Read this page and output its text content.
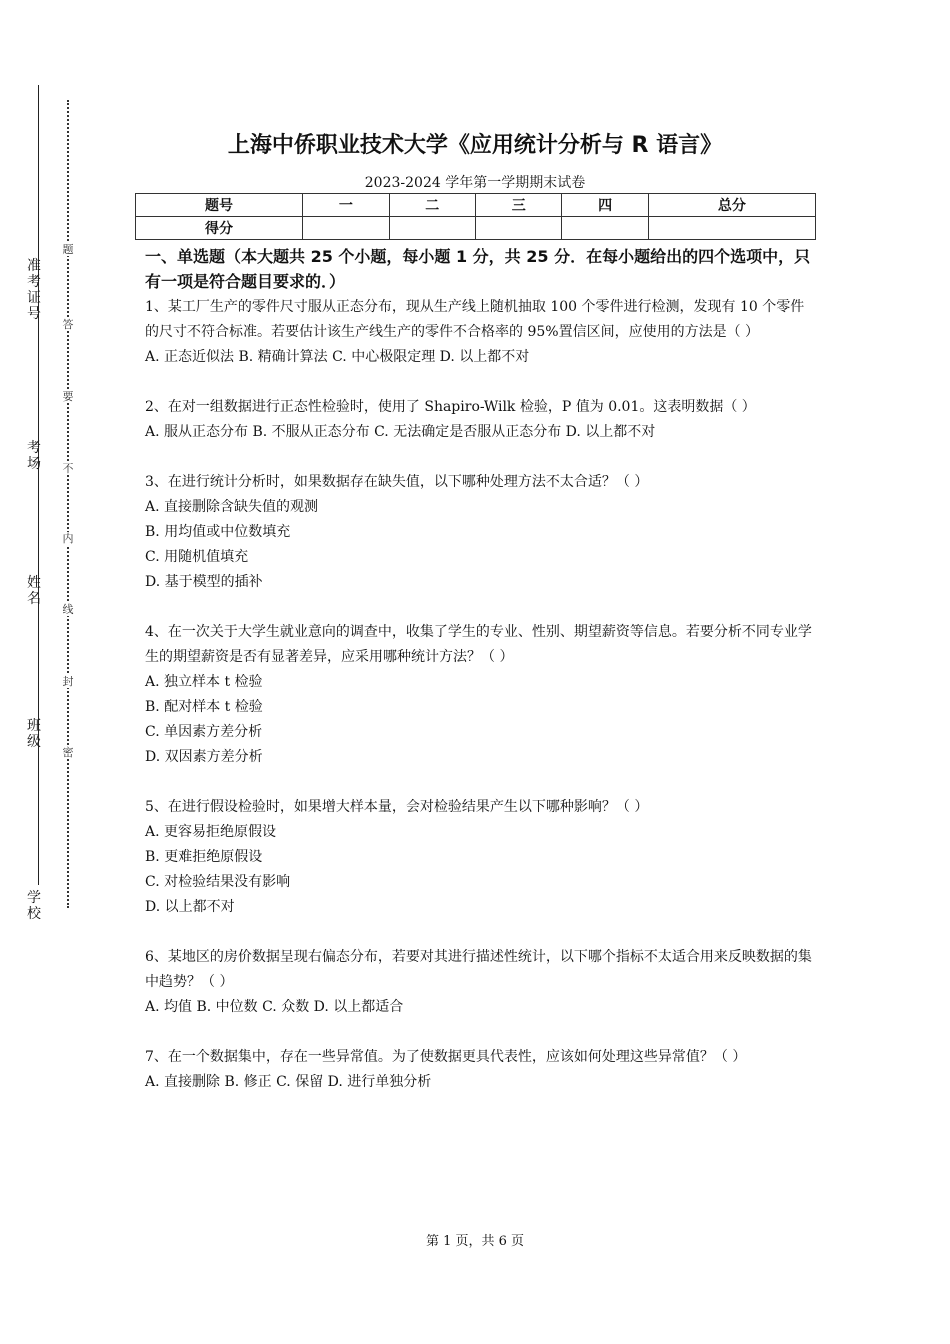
准
考
证
号
考
场
姓
名
班
级
学
校
题
答
要
不
内
线
封
密
上海中侨职业技术大学《应用统计分析与 R 语言》
2023-2024 学年第一学期期末试卷
题号	一	二	三	四	总分
得分					
一、单选题（本大题共 25 个小题，每小题 1 分，共 25 分．在每小题给出的四个选项中，只有一项是符合题目要求的．）
1、某工厂生产的零件尺寸服从正态分布，现从生产线上随机抽取 100 个零件进行检测，发现有 10 个零件的尺寸不符合标准。若要估计该生产线生产的零件不合格率的 95%置信区间，应使用的方法是（ ）
A. 正态近似法 B. 精确计算法 C. 中心极限定理 D. 以上都不对
2、在对一组数据进行正态性检验时，使用了 Shapiro-Wilk 检验，P 值为 0.01。这表明数据（ ）
A. 服从正态分布 B. 不服从正态分布 C. 无法确定是否服从正态分布 D. 以上都不对
3、在进行统计分析时，如果数据存在缺失值，以下哪种处理方法不太合适？（ ）
A. 直接删除含缺失值的观测
B. 用均值或中位数填充
C. 用随机值填充
D. 基于模型的插补
4、在一次关于大学生就业意向的调查中，收集了学生的专业、性别、期望薪资等信息。若要分析不同专业学生的期望薪资是否有显著差异，应采用哪种统计方法？（ ）
A. 独立样本 t 检验
B. 配对样本 t 检验
C. 单因素方差分析
D. 双因素方差分析
5、在进行假设检验时，如果增大样本量，会对检验结果产生以下哪种影响？（ ）
A. 更容易拒绝原假设
B. 更难拒绝原假设
C. 对检验结果没有影响
D. 以上都不对
6、某地区的房价数据呈现右偏态分布，若要对其进行描述性统计，以下哪个指标不太适合用来反映数据的集中趋势？（ ）
A. 均值 B. 中位数 C. 众数 D. 以上都适合
7、在一个数据集中，存在一些异常值。为了使数据更具代表性，应该如何处理这些异常值？（ ）
A. 直接删除 B. 修正 C. 保留 D. 进行单独分析
第 1 页，共 6 页
